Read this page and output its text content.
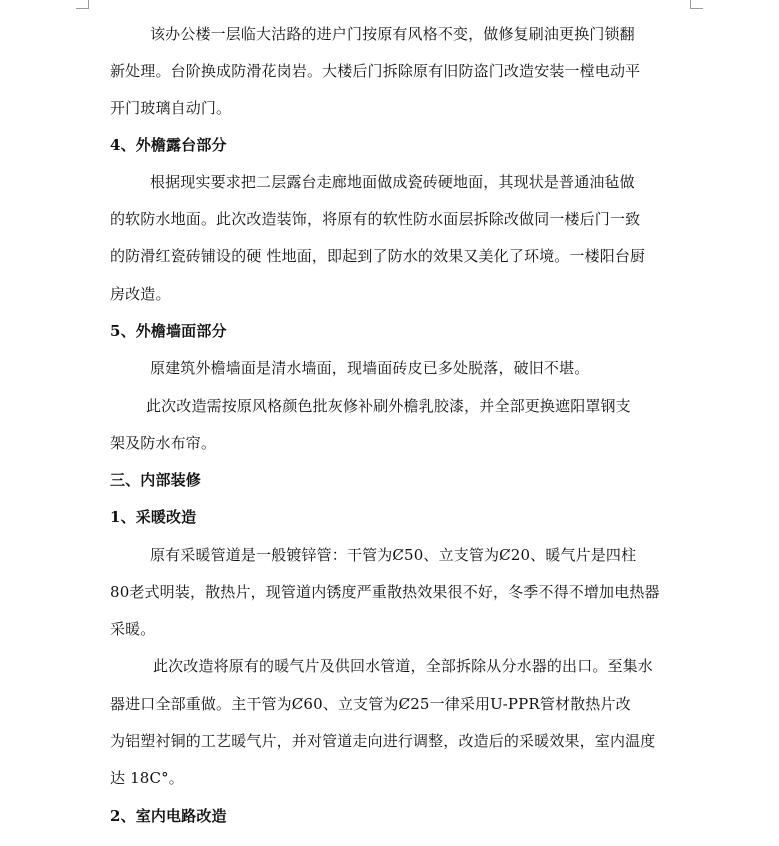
该办公楼一层临大沽路的进户门按原有风格不变，做修复刷油更换门锁翻
新处理。台阶换成防滑花岗岩。大楼后门拆除原有旧防盗门改造安装一樘电动平
开门玻璃自动门。
4、外檐露台部分
根据现实要求把二层露台走廊地面做成瓷砖硬地面，其现状是普通油毡做
的软防水地面。此次改造装饰，将原有的软性防水面层拆除改做同一楼后门一致
的防滑红瓷砖铺设的硬 性地面，即起到了防水的效果又美化了环境。一楼阳台厨
房改造。
5、外檐墙面部分
原建筑外檐墙面是清水墙面，现墙面砖皮已多处脱落，破旧不堪。
此次改造需按原风格颜色批灰修补刷外檐乳胶漆，并全部更换遮阳罩钢支
架及防水布帘。
三、内部装修
1、采暖改造
原有采暖管道是一般镀锌管：干管为Ȼ50、立支管为Ȼ20、暖气片是四柱
80老式明装，散热片，现管道内锈度严重散热效果很不好，冬季不得不增加电热器
采暖。
此次改造将原有的暖气片及供回水管道，全部拆除从分水器的出口。至集水
器进口全部重做。主干管为Ȼ60、立支管为Ȼ25一律采用U-PPR管材散热片改
为铝塑衬铜的工艺暖气片，并对管道走向进行调整，改造后的采暖效果，室内温度
达 18C°。
2、室内电路改造
